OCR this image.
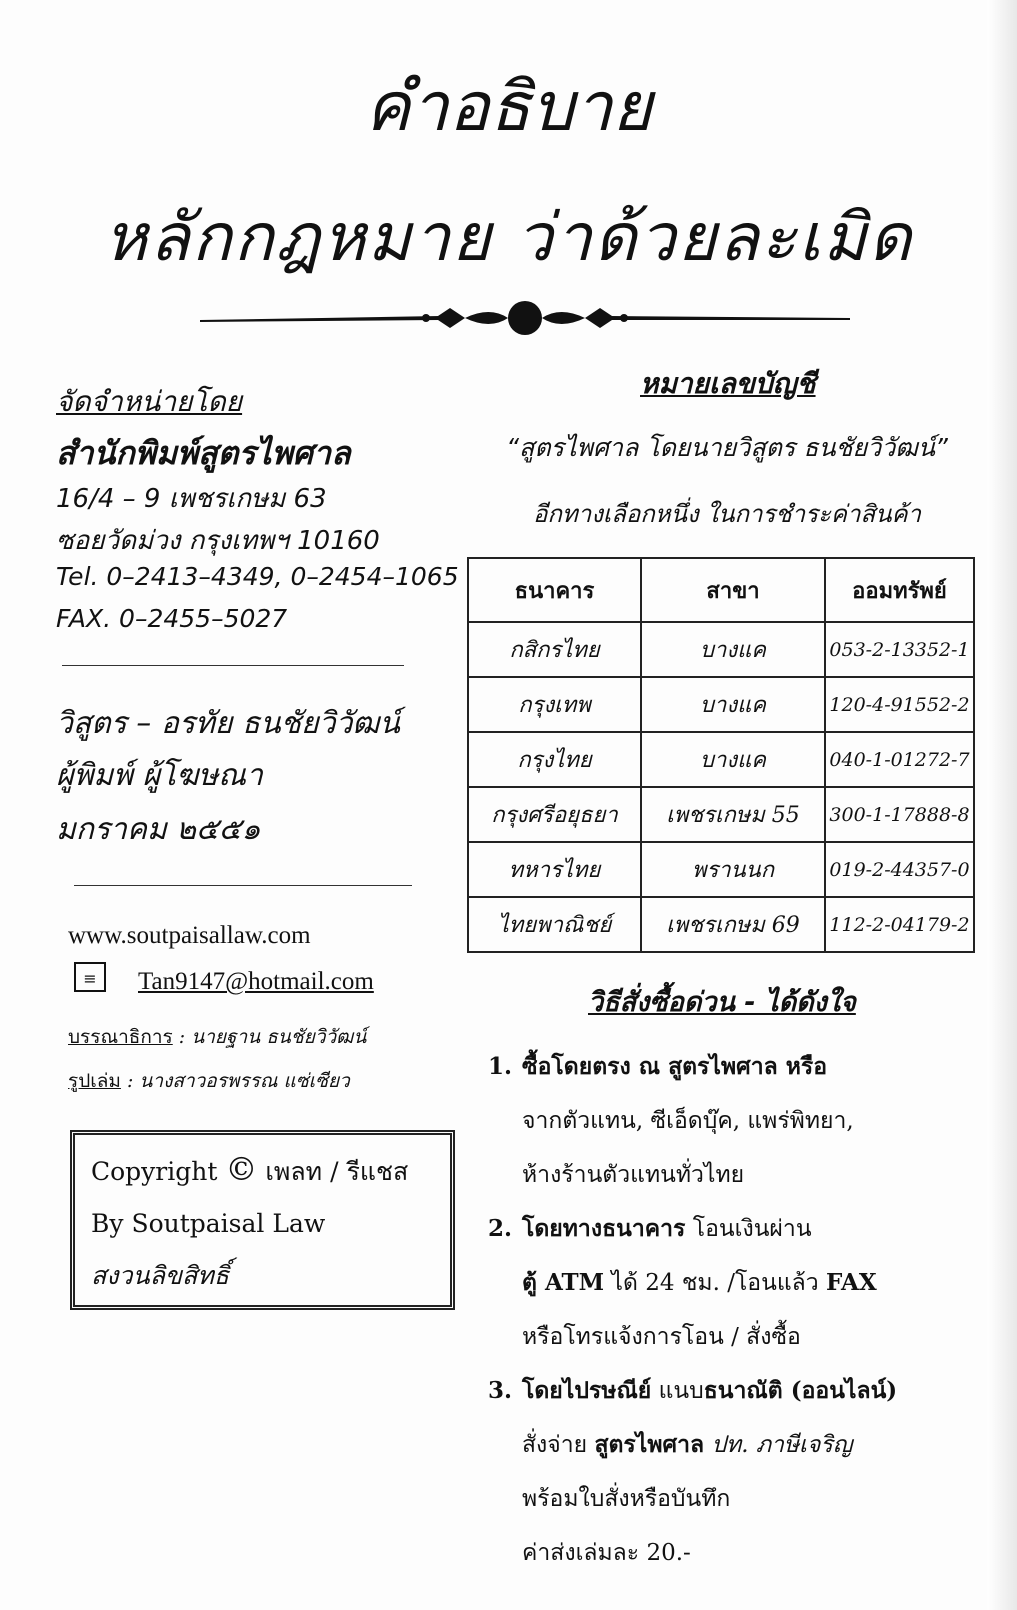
คำอธิบาย
หลักกฎหมาย ว่าด้วยละเมิด
จัดจำหน่ายโดย
สำนักพิมพ์สูตรไพศาล
16/4 – 9 เพชรเกษม 63
ซอยวัดม่วง กรุงเทพฯ 10160
Tel. 0–2413–4349, 0–2454–1065
FAX. 0–2455–5027
วิสูตร – อรทัย ธนชัยวิวัฒน์
ผู้พิมพ์ ผู้โฆษณา
มกราคม ๒๕๕๑
www.soutpaisallaw.com
≡	Tan9147@hotmail.com
บรรณาธิการ : นายฐาน ธนชัยวิวัฒน์
รูปเล่ม : นางสาวอรพรรณ แซ่เซียว
Copyright © เพลท / รีแชส
By Soutpaisal Law
สงวนลิขสิทธิ์
หมายเลขบัญชี
“สูตรไพศาล โดยนายวิสูตร ธนชัยวิวัฒน์”
อีกทางเลือกหนึ่ง ในการชำระค่าสินค้า
ธนาคาร	สาขา	ออมทรัพย์
กสิกรไทย	บางแค	053-2-13352-1
กรุงเทพ	บางแค	120-4-91552-2
กรุงไทย	บางแค	040-1-01272-7
กรุงศรีอยุธยา	เพชรเกษม 55	300-1-17888-8
ทหารไทย	พรานนก	019-2-44357-0
ไทยพาณิชย์	เพชรเกษม 69	112-2-04179-2
วิธีสั่งซื้อด่วน - ได้ดังใจ
1. ซื้อโดยตรง ณ สูตรไพศาล หรือ
จากตัวแทน, ซีเอ็ดบุ๊ค, แพร่พิทยา,
ห้างร้านตัวแทนทั่วไทย
2. โดยทางธนาคาร โอนเงินผ่าน
ตู้ ATM ได้ 24 ชม. /โอนแล้ว FAX
หรือโทรแจ้งการโอน / สั่งซื้อ
3. โดยไปรษณีย์ แนบธนาณัติ (ออนไลน์)
สั่งจ่าย สูตรไพศาล ปท. ภาษีเจริญ
พร้อมใบสั่งหรือบันทึก
ค่าส่งเล่มละ 20.-
